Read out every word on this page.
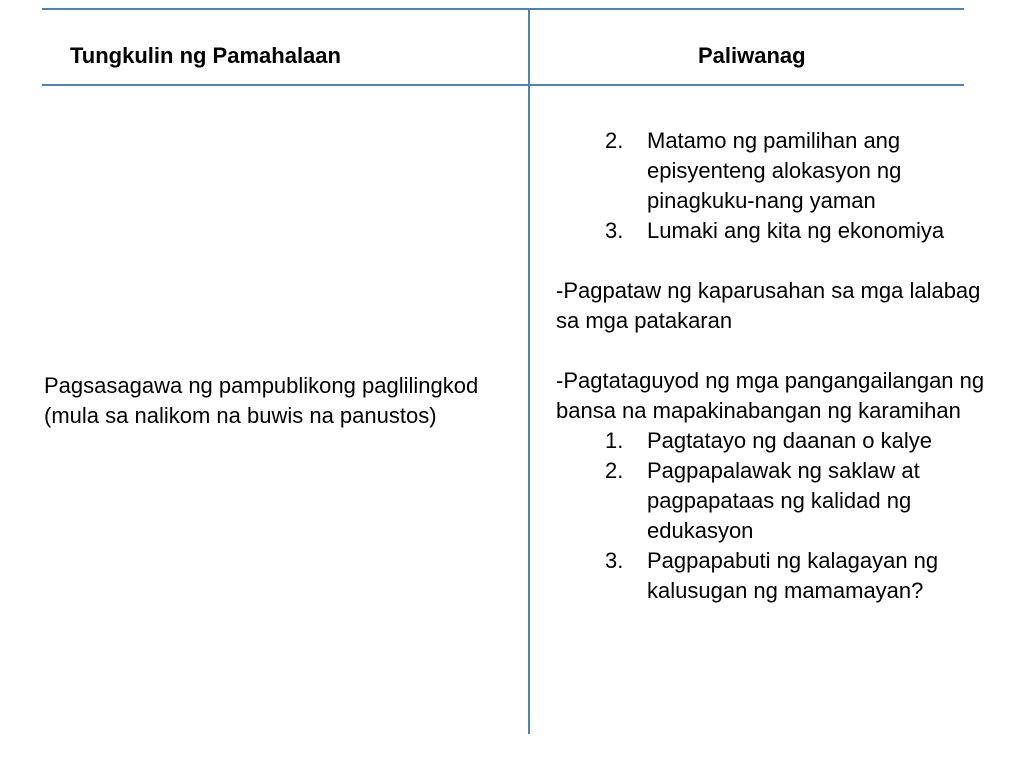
Tungkulin ng Pamahalaan	Paliwanag
Pagsasagawa ng pampublikong paglilingkod (mula sa nalikom na buwis na panustos)
2. Matamo ng pamilihan ang episyenteng alokasyon ng pinagkuku-nang yaman
3. Lumaki ang kita ng ekonomiya
-Pagpataw ng kaparusahan sa mga lalabag sa mga patakaran
-Pagtataguyod ng mga pangangailangan ng bansa na mapakinabangan ng karamihan
1. Pagtatayo ng daanan o kalye
2. Pagpapalawak ng saklaw at pagpapataas ng kalidad ng edukasyon
3. Pagpapabuti ng kalagayan ng kalusugan ng mamamayan?
